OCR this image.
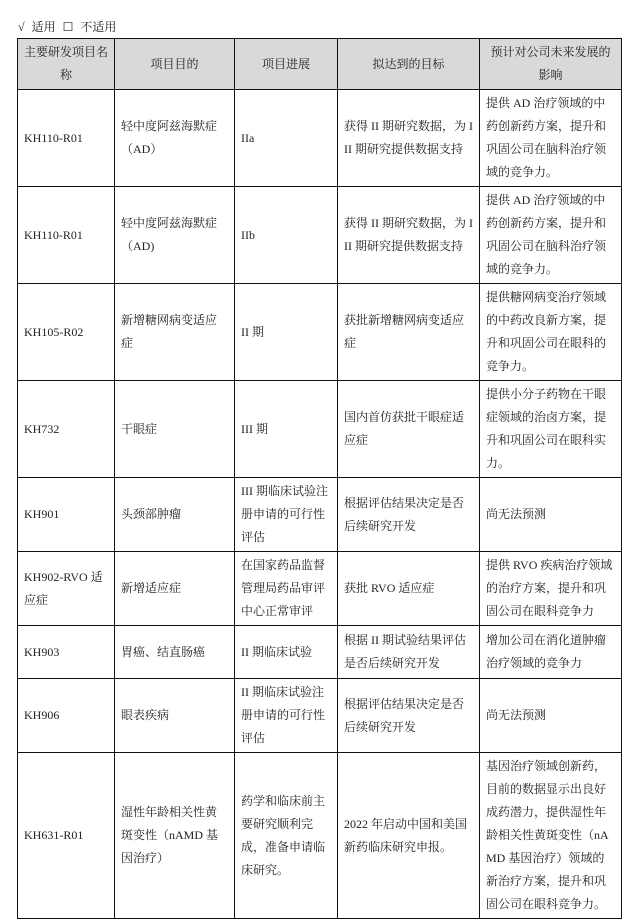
√ 适用 ☐ 不适用
主要研发项目名称	项目目的	项目进展	拟达到的目标	预计对公司未来发展的影响
KH110-R01	轻中度阿兹海默症（AD）	IIa	获得 II 期研究数据，为 III 期研究提供数据支持	提供 AD 治疗领域的中药创新药方案，提升和巩固公司在脑科治疗领域的竞争力。
KH110-R01	轻中度阿兹海默症（AD)	IIb	获得 II 期研究数据，为 III 期研究提供数据支持	提供 AD 治疗领域的中药创新药方案，提升和巩固公司在脑科治疗领域的竞争力。
KH105-R02	新增糖网病变适应症	II 期	获批新增糖网病变适应症	提供糖网病变治疗领域的中药改良新方案，提升和巩固公司在眼科的竞争力。
KH732	干眼症	III 期	国内首仿获批干眼症适应症	提供小分子药物在干眼症领域的治卤方案，提升和巩固公司在眼科实力。
KH901	头颈部肿瘤	III 期临床试验注册申请的可行性评估	根据评估结果决定是否后续研究开发	尚无法预测
KH902-RVO 适应症	新增适应症	在国家药品监督管理局药品审评中心正常审评	获批 RVO 适应症	提供 RVO 疾病治疗领域的治疗方案，提升和巩固公司在眼科竞争力
KH903	胃癌、结直肠癌	II 期临床试验	根据 II 期试验结果评估是否后续研究开发	增加公司在消化道肿瘤治疗领域的竞争力
KH906	眼表疾病	II 期临床试验注册申请的可行性评估	根据评估结果决定是否后续研究开发	尚无法预测
KH631-R01	湿性年龄相关性黄斑变性（nAMD 基因治疗）	药学和临床前主要研究顺利完成，准备申请临床研究。	2022 年启动中国和美国新药临床研究申报。	基因治疗领域创新药，目前的数据显示出良好成药潜力，提供湿性年龄相关性黄斑变性（nAMD 基因治疗）领域的新治疗方案，提升和巩固公司在眼科竞争力。
